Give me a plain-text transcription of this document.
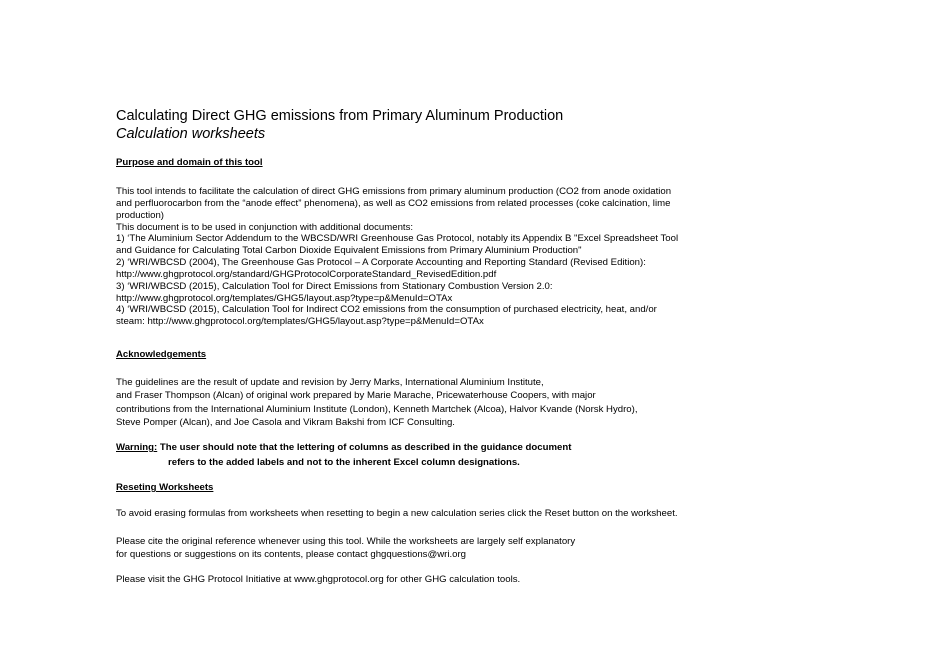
Calculating Direct GHG emissions from Primary Aluminum Production
Calculation worksheets
Purpose and domain of this tool
This tool intends to facilitate the calculation of direct GHG emissions from primary aluminum production (CO2 from anode oxidation
and perfluorocarbon from the “anode effect” phenomena), as well as CO2 emissions from related processes (coke calcination, lime
production)
This document is to be used in conjunction with additional documents:
1) ‘The Aluminium Sector Addendum to the WBCSD/WRI Greenhouse Gas Protocol, notably its Appendix B "Excel Spreadsheet Tool
and Guidance for Calculating Total Carbon Dioxide Equivalent Emissions from Primary Aluminium Production"
2) ‘WRI/WBCSD (2004), The Greenhouse Gas Protocol – A Corporate Accounting and Reporting Standard (Revised Edition):
http://www.ghgprotocol.org/standard/GHGProtocolCorporateStandard_RevisedEdition.pdf
3) ‘WRI/WBCSD (2015), Calculation Tool for Direct Emissions from Stationary Combustion Version 2.0:
http://www.ghgprotocol.org/templates/GHG5/layout.asp?type=p&MenuId=OTAx
4) ‘WRI/WBCSD (2015), Calculation Tool for Indirect CO2 emissions from the consumption of purchased electricity, heat, and/or
steam: http://www.ghgprotocol.org/templates/GHG5/layout.asp?type=p&MenuId=OTAx
Acknowledgements
The guidelines are the result of update and revision by Jerry Marks, International Aluminium Institute,
and Fraser Thompson (Alcan) of original work prepared by Marie Marache, Pricewaterhouse Coopers, with major
contributions from the International Aluminium Institute (London), Kenneth Martchek (Alcoa), Halvor Kvande (Norsk Hydro),
Steve Pomper (Alcan), and Joe Casola and Vikram Bakshi from ICF Consulting.
Warning: The user should note that the lettering of columns as described in the guidance document
refers to the added labels and not to the inherent Excel column designations.
Reseting Worksheets
To avoid erasing formulas from worksheets when resetting to begin a new calculation series click the Reset button on the worksheet.
Please cite the original reference whenever using this tool. While the worksheets are largely self explanatory
for questions or suggestions on its contents, please contact ghgquestions@wri.org
Please visit the GHG Protocol Initiative at www.ghgprotocol.org for other GHG calculation tools.
